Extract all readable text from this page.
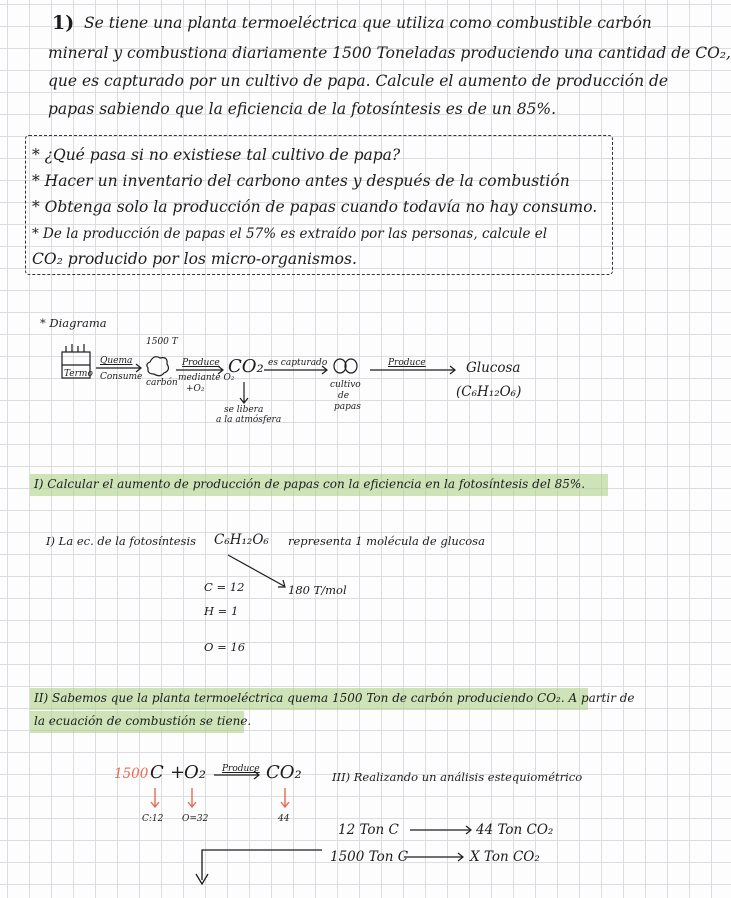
1) Se tiene una planta termoeléctrica que utiliza como combustible carbón
mineral y combustiona diariamente 1500 Toneladas produciendo una cantidad de CO₂,
que es capturado por un cultivo de papa. Calcule el aumento de producción de
papas sabiendo que la eficiencia de la fotosíntesis es de un 85%.
* ¿Qué pasa si no existiese tal cultivo de papa?
* Hacer un inventario del carbono antes y después de la combustión
* Obtenga solo la producción de papas cuando todavía no hay consumo.
* De la producción de papas el 57% es extraído por las personas, calcule el
CO₂ producido por los micro-organismos.
* Diagrama
Termo
Quema
Consume
1500 T
carbón
Produce
mediante O₂
+O₂
CO₂ es capturado
se libera
a la atmósfera
cultivo
de
papas
Produce	Glucosa
(C₆H₁₂O₆)
I) Calcular el aumento de producción de papas con la eficiencia en la fotosíntesis del 85%.
I) La ec. de la fotosíntesis C₆H₁₂O₆ representa 1 molécula de glucosa
180 T/mol
C = 12
H = 1
O = 16
II) Sabemos que la planta termoeléctrica quema 1500 Ton de carbón produciendo CO₂. A partir de
la ecuación de combustión se tiene.
1500 C +
O₂ Produce CO₂
C:12 O=32	44
III) Realizando un análisis estequiométrico
12 Ton C	44 Ton CO₂
1500 Ton C	X Ton CO₂
